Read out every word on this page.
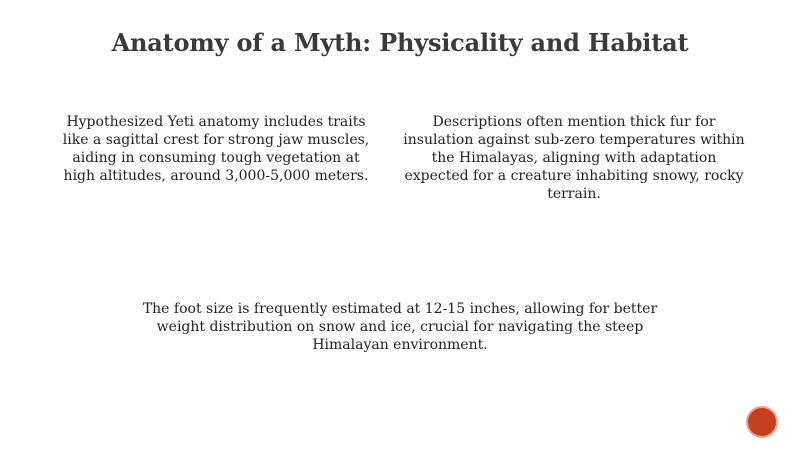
Anatomy of a Myth: Physicality and Habitat

Hypothesized Yeti anatomy includes traits like a sagittal crest for strong jaw muscles, aiding in consuming tough vegetation at high altitudes, around 3,000-5,000 meters.

Descriptions often mention thick fur for insulation against sub-zero temperatures within the Himalayas, aligning with adaptation expected for a creature inhabiting snowy, rocky terrain.

The foot size is frequently estimated at 12-15 inches, allowing for better weight distribution on snow and ice, crucial for navigating the steep Himalayan environment.
